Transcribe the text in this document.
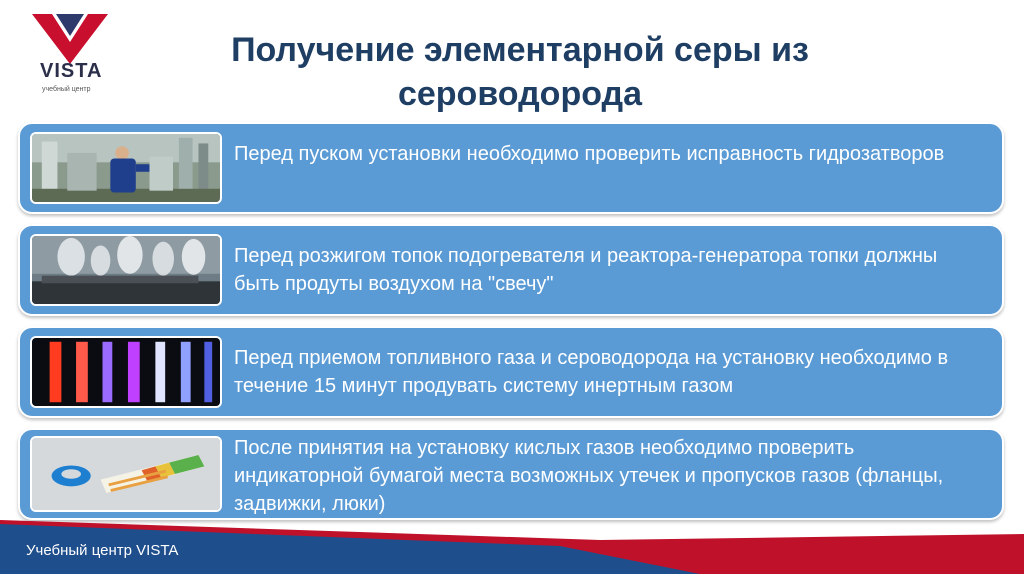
VISTA
учебный центр
Получение элементарной серы из сероводорода
Перед пуском установки необходимо проверить исправность гидрозатворов
Перед розжигом топок подогревателя и реактора-генератора топки должны быть продуты воздухом на "свечу"
Перед приемом топливного газа и сероводорода на установку необходимо в течение 15 минут продувать систему инертным газом
После принятия на установку кислых газов необходимо проверить индикаторной бумагой места возможных утечек и пропусков газов (фланцы, задвижки, люки)
Учебный центр VISTA
